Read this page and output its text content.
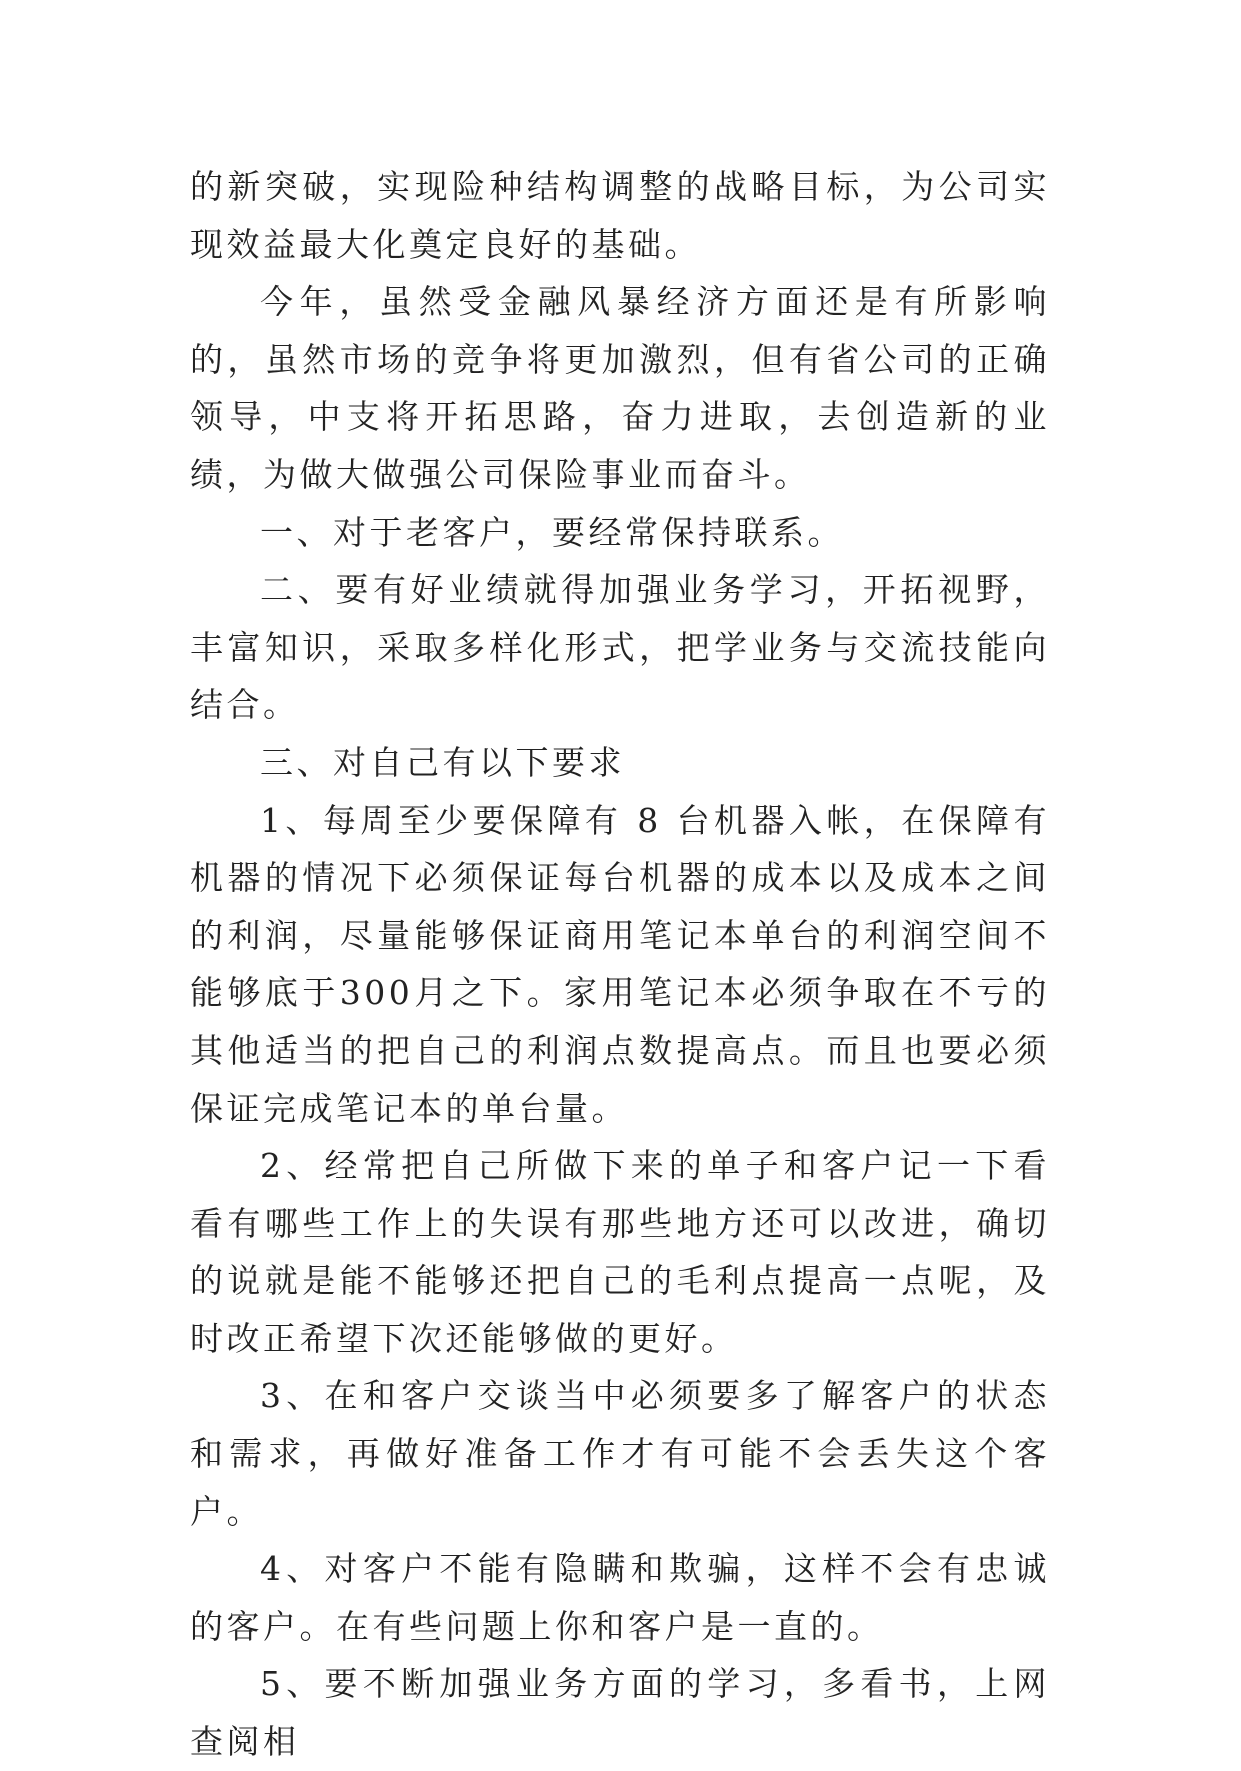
的新突破，实现险种结构调整的战略目标，为公司实现效益最大化奠定良好的基础。

今年，虽然受金融风暴经济方面还是有所影响的，虽然市场的竞争将更加激烈，但有省公司的正确领导，中支将开拓思路，奋力进取，去创造新的业绩，为做大做强公司保险事业而奋斗。

一、对于老客户，要经常保持联系。

二、要有好业绩就得加强业务学习，开拓视野，丰富知识，采取多样化形式，把学业务与交流技能向结合。

三、对自己有以下要求

1、每周至少要保障有 8 台机器入帐，在保障有机器的情况下必须保证每台机器的成本以及成本之间的利润，尽量能够保证商用笔记本单台的利润空间不能够底于300月之下。家用笔记本必须争取在不亏的其他适当的把自己的利润点数提高点。而且也要必须保证完成笔记本的单台量。

2、经常把自己所做下来的单子和客户记一下看看有哪些工作上的失误有那些地方还可以改进，确切的说就是能不能够还把自己的毛利点提高一点呢，及时改正希望下次还能够做的更好。

3、在和客户交谈当中必须要多了解客户的状态和需求，再做好准备工作才有可能不会丢失这个客户。

4、对客户不能有隐瞒和欺骗，这样不会有忠诚的客户。在有些问题上你和客户是一直的。

5、要不断加强业务方面的学习，多看书，上网查阅相
